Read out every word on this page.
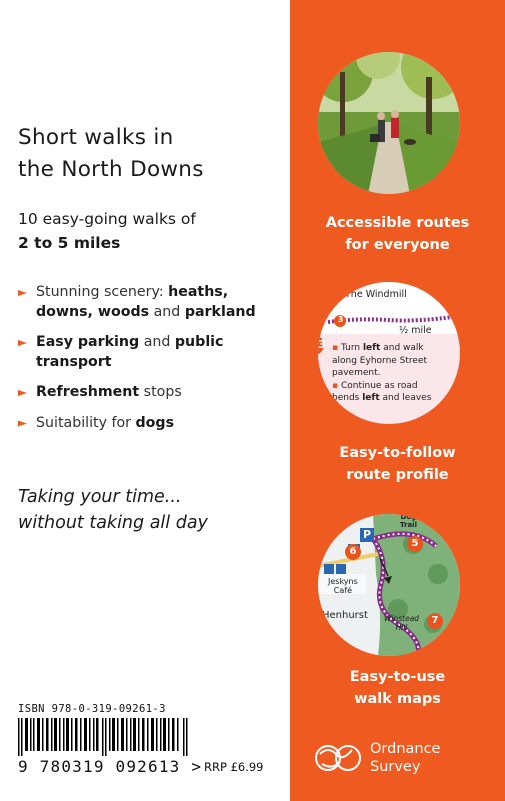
Short walks in
the North Downs
10 easy-going walks of
2 to 5 miles
Stunning scenery: heaths, downs, woods and parkland
Easy parking and public transport
Refreshment stops
Suitability for dogs
Taking your time...
without taking all day
ISBN 978-0-319-09261-3
9 780319 092613 > RRP £6.99
Accessible routes
for everyone
The Windmill
3
½ mile
3 ▪ Turn left and walk
along Eyhorne Street
pavement.
▪ Continue as road
bends left and leaves
Easy-to-follow
route profile
P
6
5
7
Dog
Trail
Jeskyns
Café
Henhurst Winstead
Hill
Easy-to-use
walk maps
Ordnance
Survey
